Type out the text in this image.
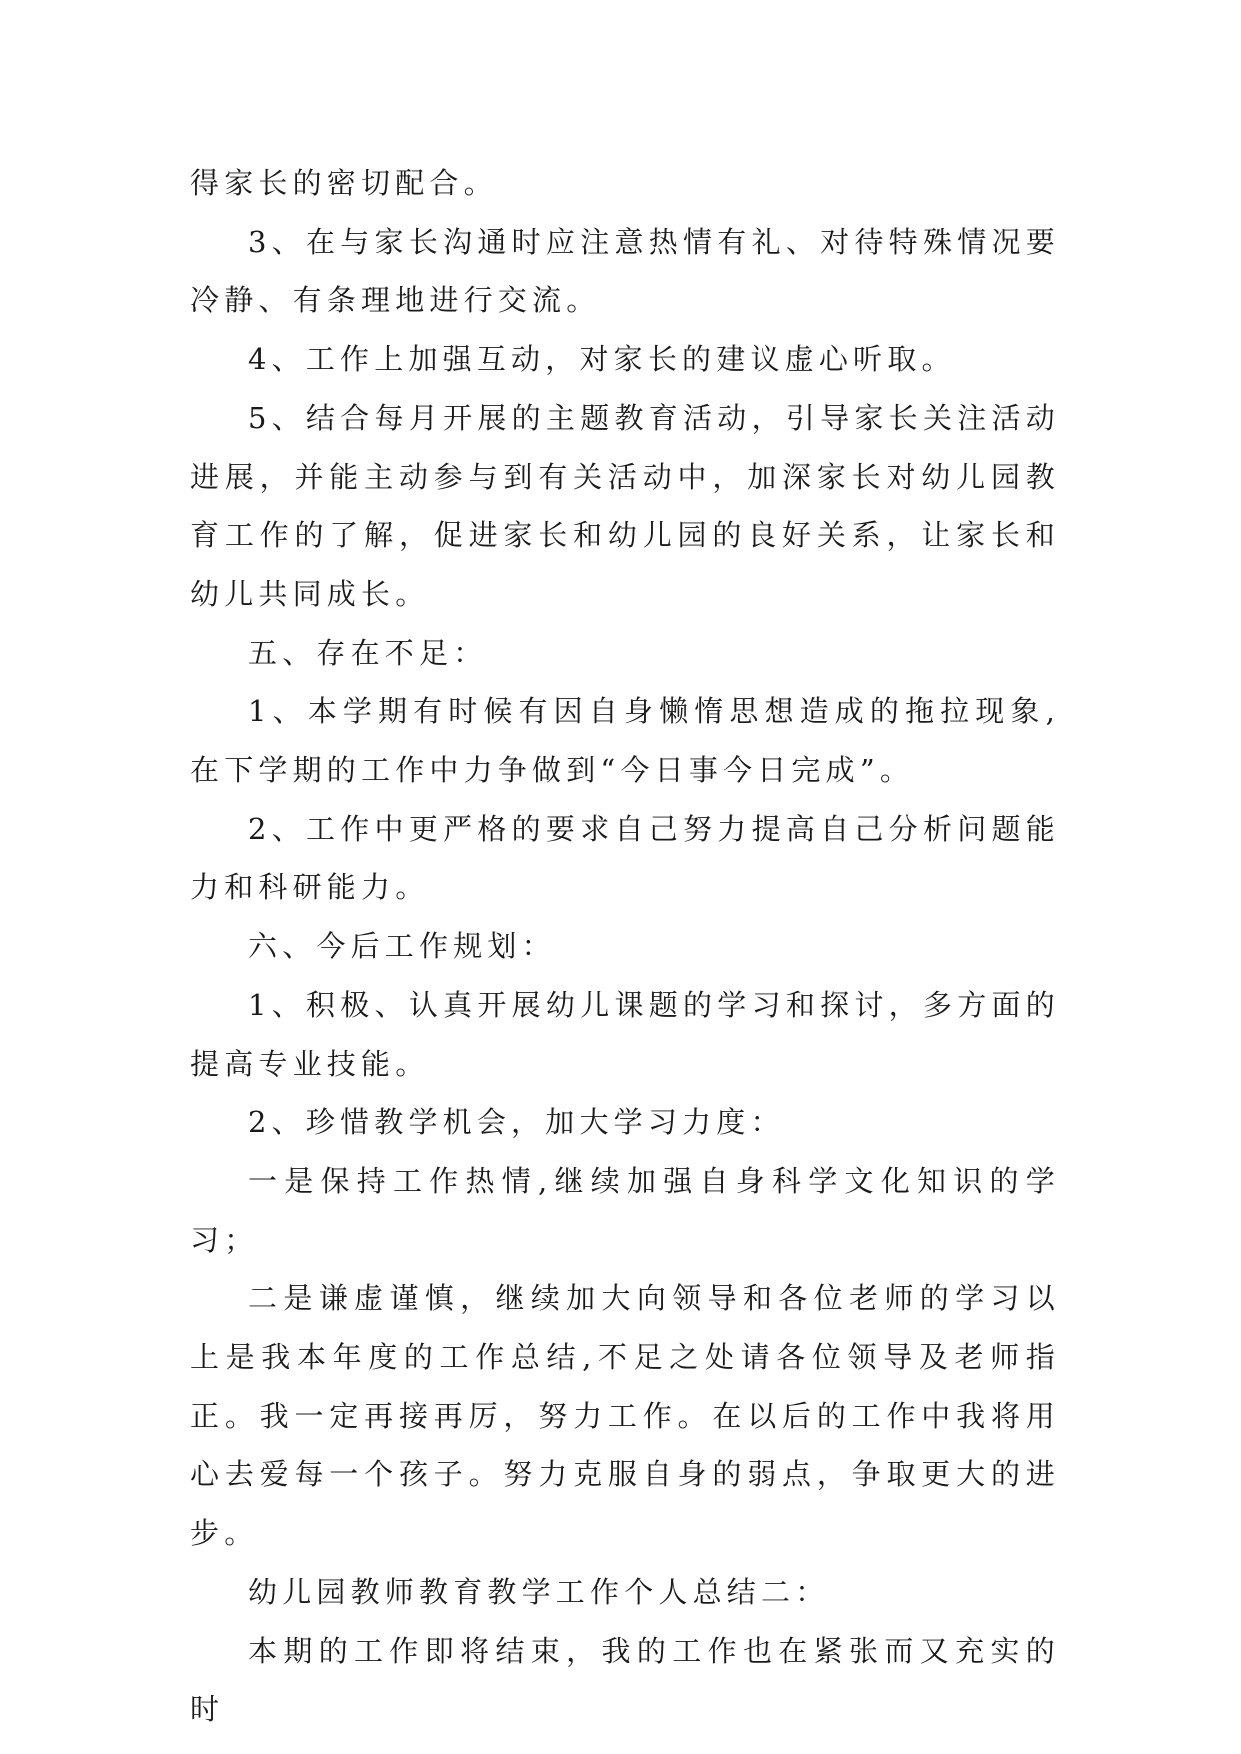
得家长的密切配合。

3、在与家长沟通时应注意热情有礼、对待特殊情况要冷静、有条理地进行交流。

4、工作上加强互动，对家长的建议虚心听取。

5、结合每月开展的主题教育活动，引导家长关注活动进展，并能主动参与到有关活动中，加深家长对幼儿园教育工作的了解，促进家长和幼儿园的良好关系，让家长和幼儿共同成长。

五、存在不足：

1、本学期有时候有因自身懒惰思想造成的拖拉现象,在下学期的工作中力争做到“今日事今日完成”。

2、工作中更严格的要求自己努力提高自己分析问题能力和科研能力。

六、今后工作规划：

1、积极、认真开展幼儿课题的学习和探讨，多方面的提高专业技能。

2、珍惜教学机会，加大学习力度：

一是保持工作热情,继续加强自身科学文化知识的学习；

二是谦虚谨慎，继续加大向领导和各位老师的学习以上是我本年度的工作总结,不足之处请各位领导及老师指正。我一定再接再厉，努力工作。在以后的工作中我将用心去爱每一个孩子。努力克服自身的弱点，争取更大的进步。

幼儿园教师教育教学工作个人总结二：

本期的工作即将结束，我的工作也在紧张而又充实的时
